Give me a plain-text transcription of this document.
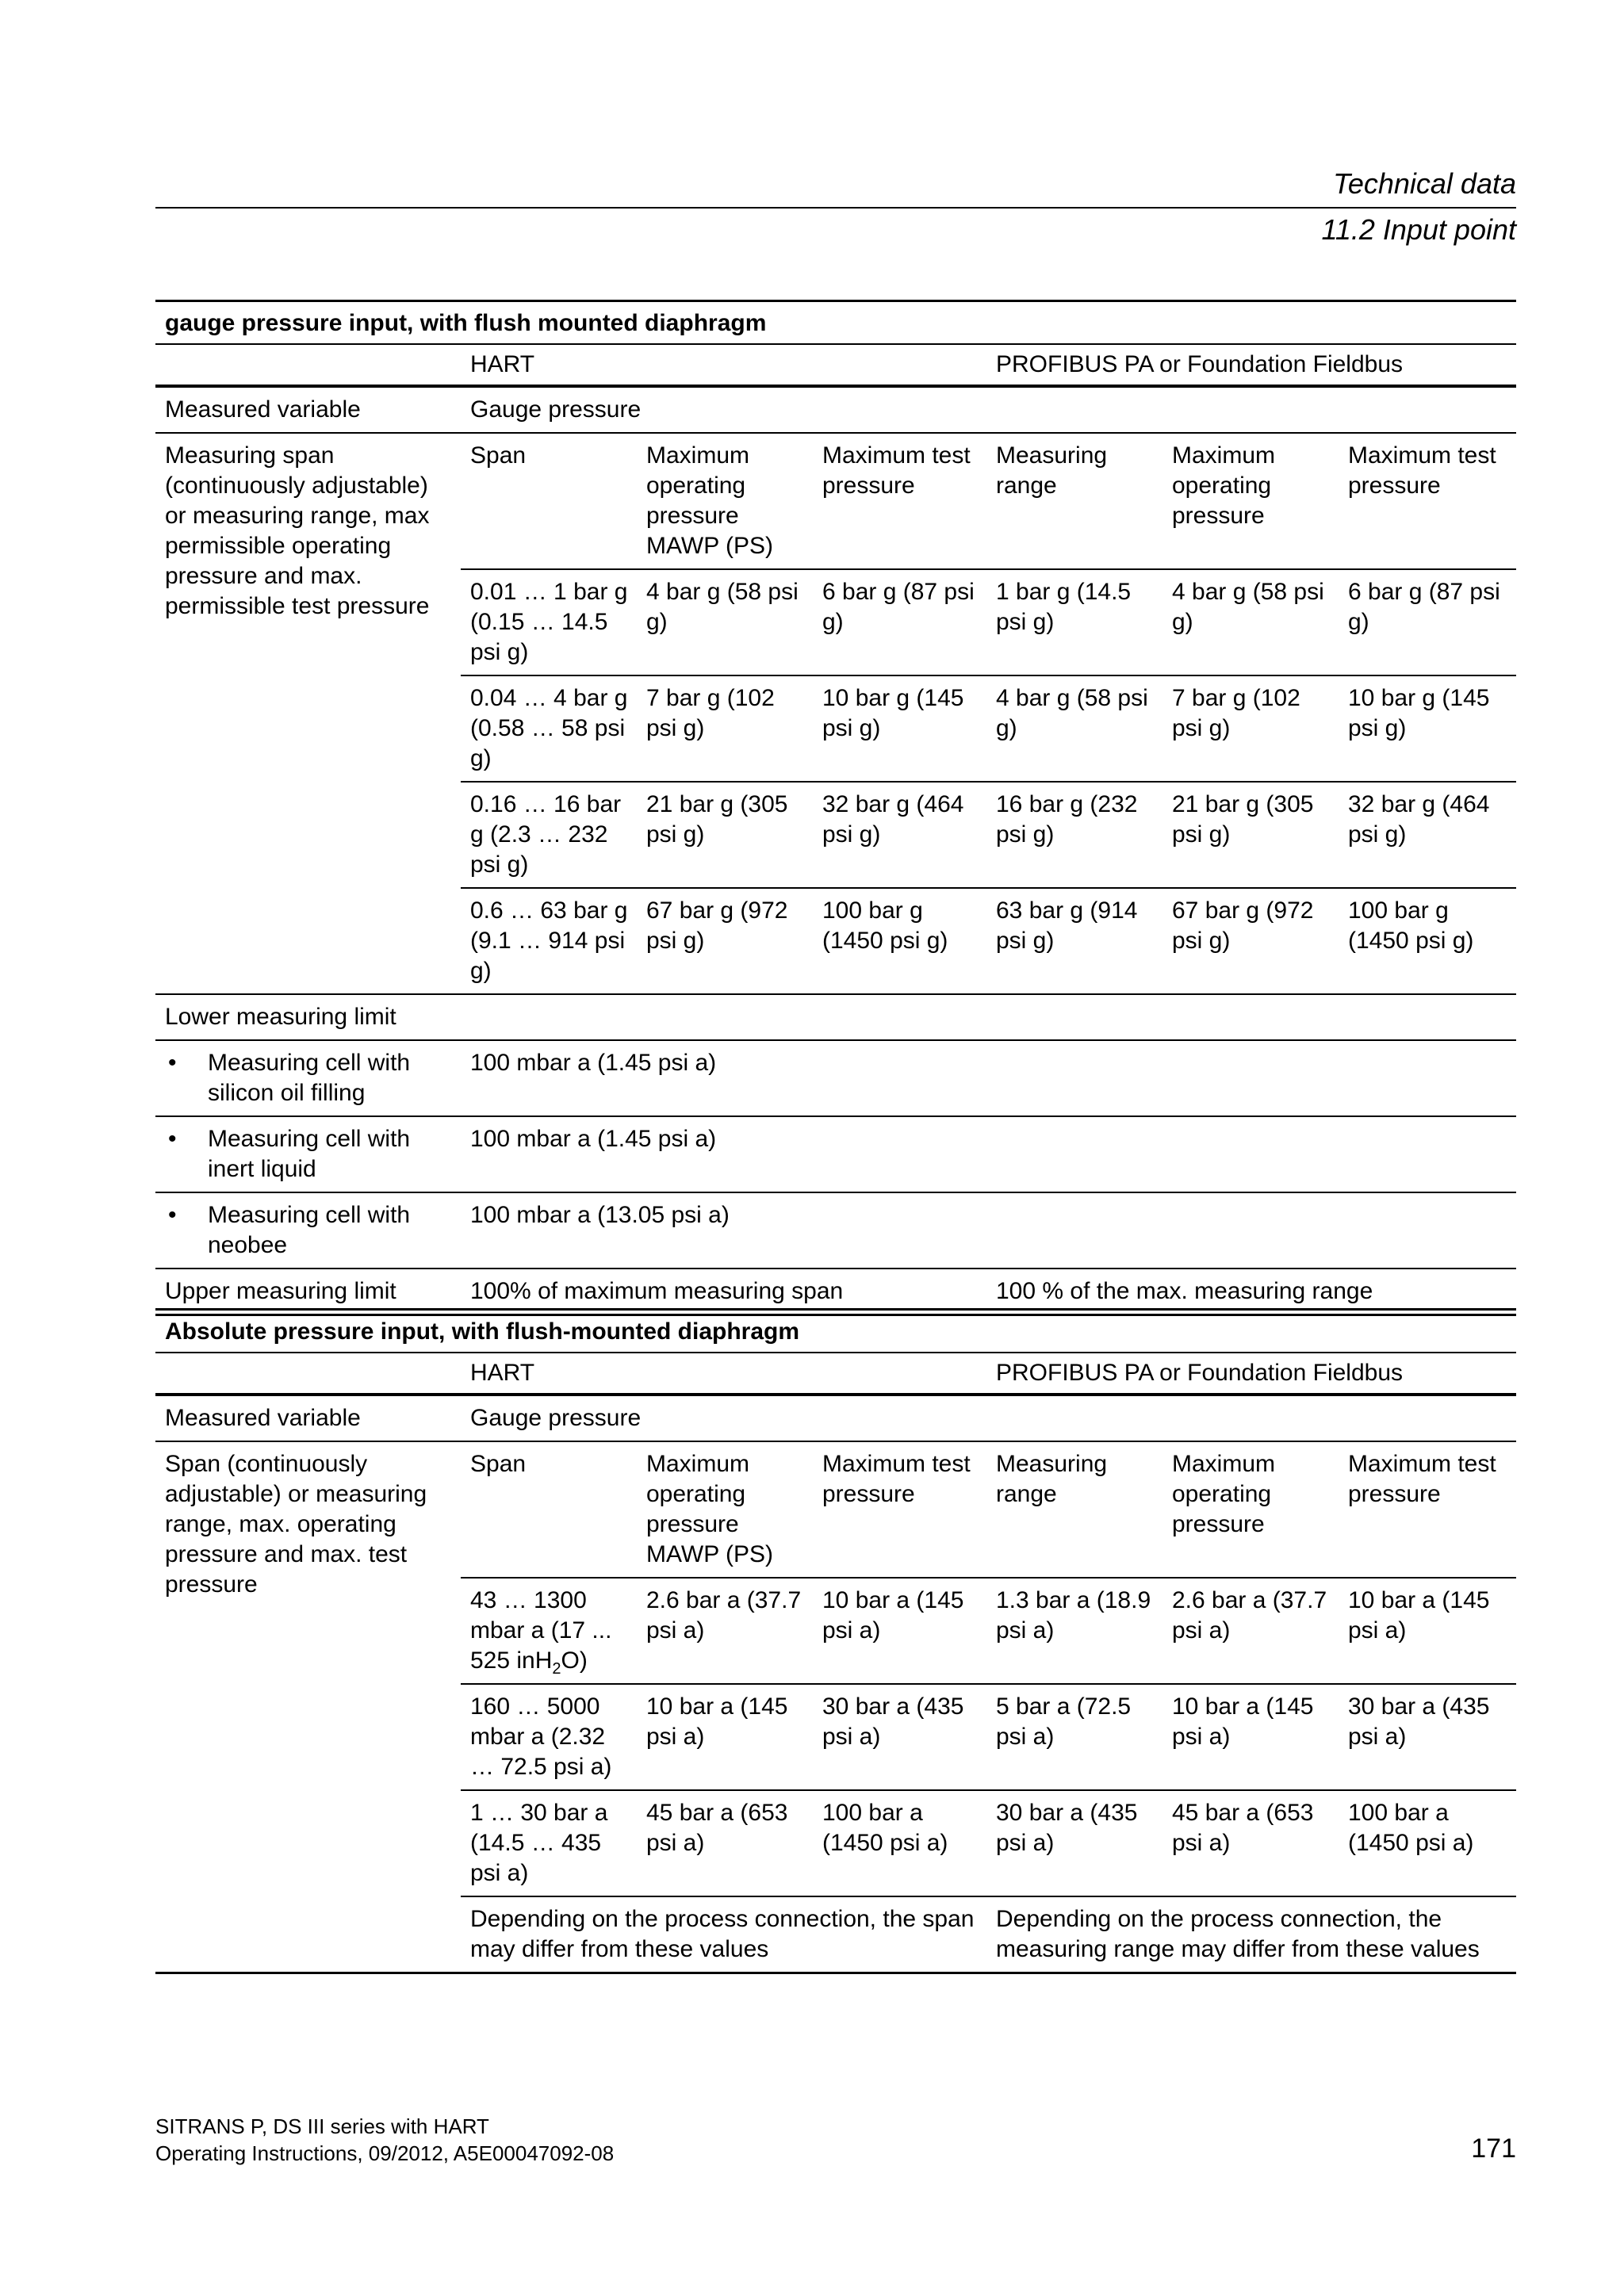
Technical data
11.2 Input point
gauge pressure input, with flush mounted diaphragm						
	HART			PROFIBUS PA or Foundation Fieldbus		
Measured variable	Gauge pressure					
Measuring span (continuously adjustable) or measuring range, max permissible operating pressure and max. permissible test pressure	Span	Maximum operating pressure MAWP (PS)	Maximum test pressure	Measuring range	Maximum operating pressure	Maximum test pressure
	0.01 … 1 bar g (0.15 … 14.5 psi g)	4 bar g (58 psi g)	6 bar g (87 psi g)	1 bar g (14.5 psi g)	4 bar g (58 psi g)	6 bar g (87 psi g)
	0.04 … 4 bar g (0.58 … 58 psi g)	7 bar g (102 psi g)	10 bar g (145 psi g)	4 bar g (58 psi g)	7 bar g (102 psi g)	10 bar g (145 psi g)
	0.16 … 16 bar g (2.3 … 232 psi g)	21 bar g (305 psi g)	32 bar g (464 psi g)	16 bar g (232 psi g)	21 bar g (305 psi g)	32 bar g (464 psi g)
	0.6 … 63 bar g (9.1 … 914 psi g)	67 bar g (972 psi g)	100 bar g (1450 psi g)	63 bar g (914 psi g)	67 bar g (972 psi g)	100 bar g (1450 psi g)
Lower measuring limit						

• Measuring cell with silicon oil filling	100 mbar a (1.45 psi a)					

• Measuring cell with inert liquid	100 mbar a (1.45 psi a)					

• Measuring cell with neobee	100 mbar a (13.05 psi a)					
Upper measuring limit	100% of maximum measuring span			100 % of the max. measuring range		
Absolute pressure input, with flush-mounted diaphragm						
	HART			PROFIBUS PA or Foundation Fieldbus		
Measured variable	Gauge pressure					
Span (continuously adjustable) or measuring range, max. operating pressure and max. test pressure	Span	Maximum operating pressure MAWP (PS)	Maximum test pressure	Measuring range	Maximum operating pressure	Maximum test pressure
	43 … 1300 mbar a (17 ... 525 inH$_2$O)	2.6 bar a (37.7 psi a)	10 bar a (145 psi a)	1.3 bar a (18.9 psi a)	2.6 bar a (37.7 psi a)	10 bar a (145 psi a)
	160 … 5000 mbar a (2.32 … 72.5 psi a)	10 bar a (145 psi a)	30 bar a (435 psi a)	5 bar a (72.5 psi a)	10 bar a (145 psi a)	30 bar a (435 psi a)
	1 … 30 bar a (14.5 … 435 psi a)	45 bar a (653 psi a)	100 bar a (1450 psi a)	30 bar a (435 psi a)	45 bar a (653 psi a)	100 bar a (1450 psi a)
	Depending on the process connection, the span may differ from these values			Depending on the process connection, the measuring range may differ from these values		
SITRANS P, DS III series with HART
Operating Instructions, 09/2012, A5E00047092-08	171
